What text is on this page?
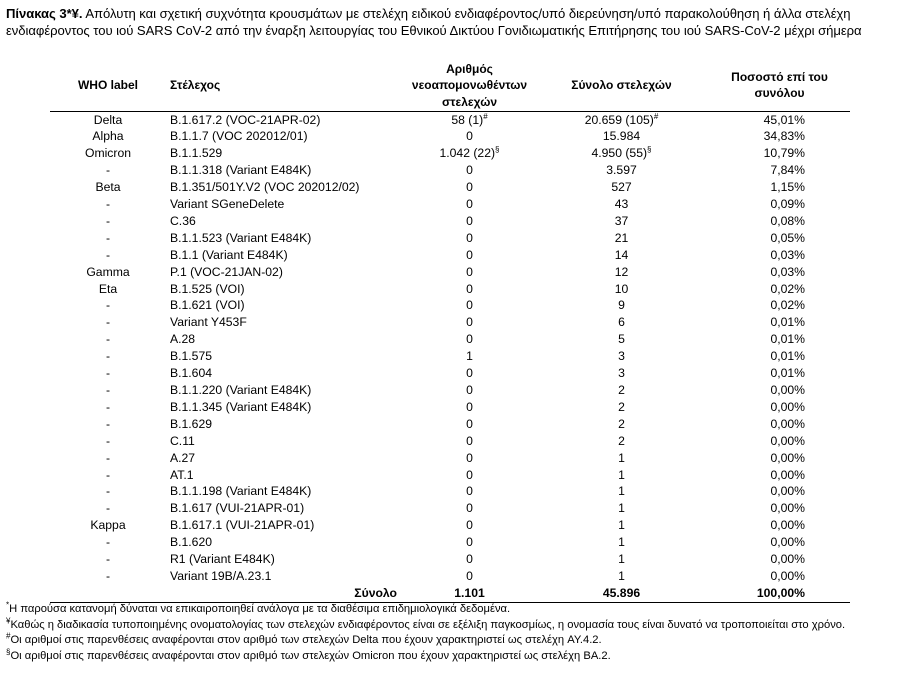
Πίνακας 3*¥. Απόλυτη και σχετική συχνότητα κρουσμάτων με στελέχη ειδικού ενδιαφέροντος/υπό διερεύνηση/υπό παρακολούθηση ή άλλα στελέχη ενδιαφέροντος του ιού SARS CoV-2 από την έναρξη λειτουργίας του Εθνικού Δικτύου Γονιδιωματικής Επιτήρησης του ιού SARS-CoV-2 μέχρι σήμερα
WHO label	Στέλεχος	Αριθμός νεοαπομονωθέντων στελεχών	Σύνολο στελεχών	Ποσοστό επί του συνόλου
Delta	B.1.617.2 (VOC-21APR-02)	58 (1)#	20.659 (105)#	45,01%
Alpha	B.1.1.7 (VOC 202012/01)	0	15.984	34,83%
Omicron	B.1.1.529	1.042 (22)§	4.950 (55)§	10,79%
-	B.1.1.318 (Variant E484K)	0	3.597	7,84%
Beta	B.1.351/501Y.V2 (VOC 202012/02)	0	527	1,15%
-	Variant SGeneDelete	0	43	0,09%
-	C.36	0	37	0,08%
-	B.1.1.523 (Variant E484K)	0	21	0,05%
-	B.1.1 (Variant E484K)	0	14	0,03%
Gamma	P.1 (VOC-21JAN-02)	0	12	0,03%
Eta	B.1.525 (VOI)	0	10	0,02%
-	B.1.621 (VOI)	0	9	0,02%
-	Variant Y453F	0	6	0,01%
-	A.28	0	5	0,01%
-	B.1.575	1	3	0,01%
-	B.1.604	0	3	0,01%
-	B.1.1.220 (Variant E484K)	0	2	0,00%
-	B.1.1.345 (Variant E484K)	0	2	0,00%
-	B.1.629	0	2	0,00%
-	C.11	0	2	0,00%
-	A.27	0	1	0,00%
-	AT.1	0	1	0,00%
-	B.1.1.198 (Variant E484K)	0	1	0,00%
-	B.1.617 (VUI-21APR-01)	0	1	0,00%
Kappa	B.1.617.1 (VUI-21APR-01)	0	1	0,00%
-	B.1.620	0	1	0,00%
-	R1 (Variant E484K)	0	1	0,00%
-	Variant 19B/A.23.1	0	1	0,00%
	Σύνολο	1.101	45.896	100,00%
*Η παρούσα κατανομή δύναται να επικαιροποιηθεί ανάλογα με τα διαθέσιμα επιδημιολογικά δεδομένα.
¥Καθώς η διαδικασία τυποποιημένης ονοματολογίας των στελεχών ενδιαφέροντος είναι σε εξέλιξη παγκοσμίως, η ονομασία τους είναι δυνατό να τροποποιείται στο χρόνο.
#Οι αριθμοί στις παρενθέσεις αναφέρονται στον αριθμό των στελεχών Delta που έχουν χαρακτηριστεί ως στελέχη AY.4.2.
§Οι αριθμοί στις παρενθέσεις αναφέρονται στον αριθμό των στελεχών Omicron που έχουν χαρακτηριστεί ως στελέχη BA.2.
